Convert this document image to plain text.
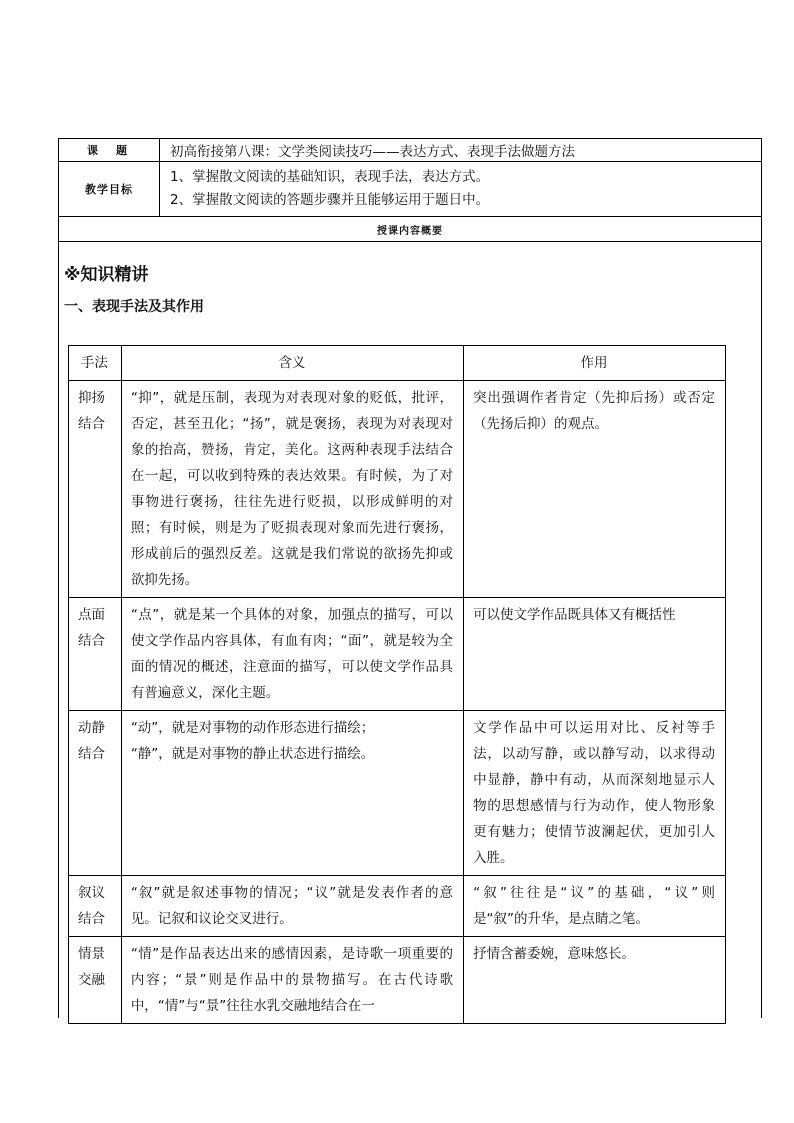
课题	初高衔接第八课：文学类阅读技巧——表达方式、表现手法做题方法
教学目标	1、掌握散文阅读的基础知识，表现手法，表达方式。
2、掌握散文阅读的答题步骤并且能够运用于题日中。

授课内容概要	

※知识精讲
一、表现手法及其作用
手法	含义	作用
抑扬结合	“抑”，就是压制，表现为对表现对象的贬低，批评，否定，甚至丑化；“扬”，就是褒扬，表现为对表现对象的抬高，赞扬，肯定，美化。这两种表现手法结合在一起，可以收到特殊的表达效果。有时候，为了对事物进行褒扬，往往先进行贬损，以形成鲜明的对照；有时候，则是为了贬损表现对象而先进行褒扬，形成前后的强烈反差。这就是我们常说的欲扬先抑或欲抑先扬。	突出强调作者肯定（先抑后扬）或否定（先扬后抑）的观点。
点面结合	“点”，就是某一个具体的对象，加强点的描写，可以使文学作品内容具体，有血有肉；“面”，就是较为全面的情况的概述，注意面的描写，可以使文学作品具有普遍意义，深化主题。	可以使文学作品既具体又有概括性
动静结合	“动”，就是对事物的动作形态进行描绘；
“静”，就是对事物的静止状态进行描绘。	文学作品中可以运用对比、反衬等手法，以动写静，或以静写动，以求得动中显静，静中有动，从而深刻地显示人物的思想感情与行为动作，使人物形象更有魅力；使情节波澜起伏，更加引人入胜。
叙议结合	“叙”就是叙述事物的情况；“议”就是发表作者的意见。记叙和议论交叉进行。	“叙”往往是“议”的基础，“议”则是“叙”的升华，是点睛之笔。
情景交融	“情”是作品表达出来的感情因素，是诗歌一项重要的内容；“景”则是作品中的景物描写。在古代诗歌中，“情”与“景”往往水乳交融地结合在一	抒情含蓄委婉，意味悠长。
